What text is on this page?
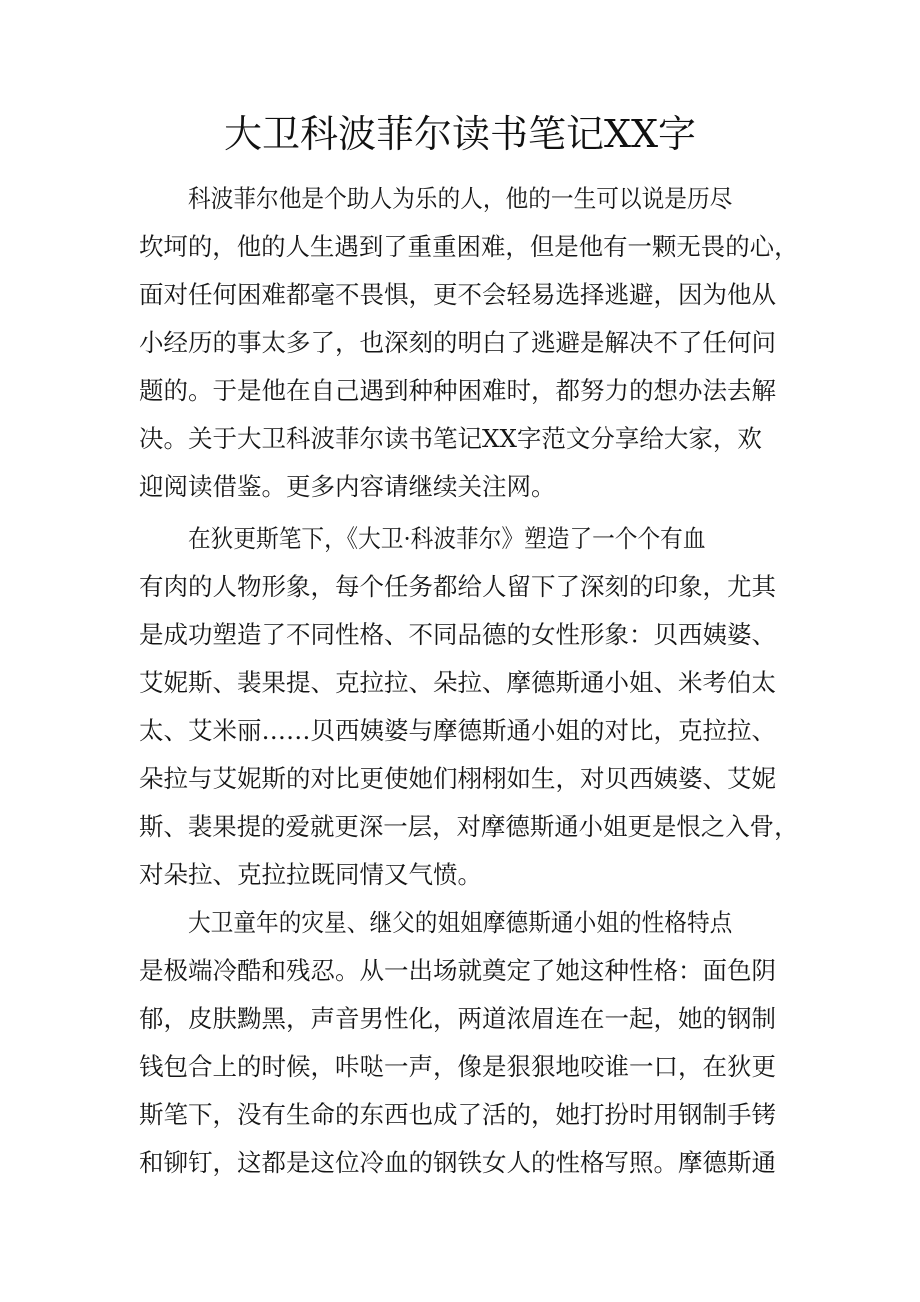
大卫科波菲尔读书笔记XX字
科波菲尔他是个助人为乐的人，他的一生可以说是历尽
坎坷的，他的人生遇到了重重困难，但是他有一颗无畏的心，
面对任何困难都毫不畏惧，更不会轻易选择逃避，因为他从
小经历的事太多了，也深刻的明白了逃避是解决不了任何问
题的。于是他在自己遇到种种困难时，都努力的想办法去解
决。关于大卫科波菲尔读书笔记XX字范文分享给大家，欢
迎阅读借鉴。更多内容请继续关注网。
在狄更斯笔下，《大卫·科波菲尔》塑造了一个个有血
有肉的人物形象，每个任务都给人留下了深刻的印象，尤其
是成功塑造了不同性格、不同品德的女性形象：贝西姨婆、
艾妮斯、裴果提、克拉拉、朵拉、摩德斯通小姐、米考伯太
太、艾米丽……贝西姨婆与摩德斯通小姐的对比，克拉拉、
朵拉与艾妮斯的对比更使她们栩栩如生，对贝西姨婆、艾妮
斯、裴果提的爱就更深一层，对摩德斯通小姐更是恨之入骨，
对朵拉、克拉拉既同情又气愤。
大卫童年的灾星、继父的姐姐摩德斯通小姐的性格特点
是极端冷酷和残忍。从一出场就奠定了她这种性格：面色阴
郁，皮肤黝黑，声音男性化，两道浓眉连在一起，她的钢制
钱包合上的时候，咔哒一声，像是狠狠地咬谁一口，在狄更
斯笔下，没有生命的东西也成了活的，她打扮时用钢制手铐
和铆钉，这都是这位冷血的钢铁女人的性格写照。摩德斯通
